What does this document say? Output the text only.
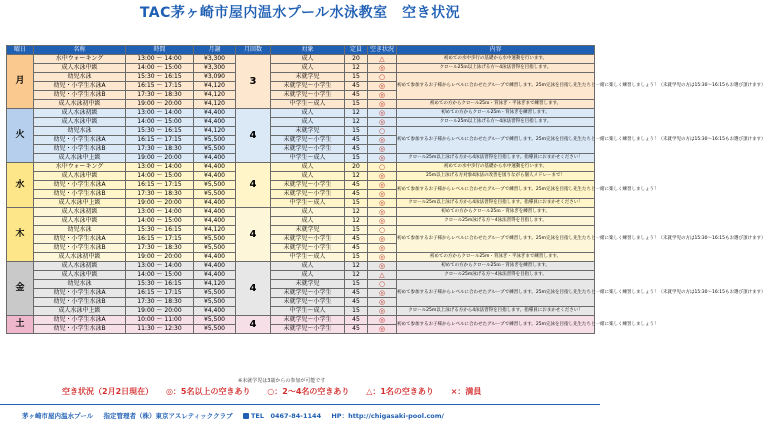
TAC茅ヶ崎市屋内温水プール水泳教室　空き状況
曜日	名称	時間	月謝	月回数	対象	定員	空き状況	内容
月	水中ウォーキング	13:00 ～ 14:00	¥3,300	3	成人	20	△	初めての水中歩行の基礎から水中運動を行います。
	成人水泳中級	14:00 ～ 15:00	¥3,300		成人	12	◎	クロール25ｍ以上泳げる方～4泳法習得を目指します。
	幼児水泳	15:30 ～ 16:15	¥3,090		未就学児	15	○	初めて参加するお子様からレベルに合わせたグループで練習します。25m完泳を目指し先生たちと一緒に楽しく練習しましょう！（未就学児の方は15:30～16:15もお選び頂けます）
	幼児・小学生水泳A	16:15 ～ 17:15	¥4,120		未就学児～小学生	45	◎	
	幼児・小学生水泳B	17:30 ～ 18:30	¥4,120		未就学児～小学生	45	◎	
	成人水泳初中級	19:00 ～ 20:00	¥4,120		中学生～成人	15	◎	初めての方からクロール25ｍ・背泳ぎ・平泳ぎまで練習します。
火	成人水泳初級	13:00 ～ 14:00	¥4,400	4	成人	12	◎	初めての方からクロール25m・背泳ぎを練習します。
	成人水泳中級	14:00 ～ 15:00	¥4,400		成人	12	◎	クロール25m以上泳げる方～4泳法習得を目指します。
	幼児水泳	15:30 ～ 16:15	¥4,120		未就学児	15	○	初めて参加するお子様からレベルに合わせたグループで練習します。25m完泳を目指し先生たちと一緒に楽しく練習しましょう！（未就学児の方は15:30～16:15もお選び頂けます）
	幼児・小学生水泳A	16:15 ～ 17:15	¥5,500		未就学児～小学生	45	◎	
	幼児・小学生水泳B	17:30 ～ 18:30	¥5,500		未就学児～小学生	45	◎	
	成人水泳中上級	19:00 ～ 20:00	¥4,400		中学生～成人	15	◎	クロール25m以上泳げる方から4泳法習得を目指します。指導員におまかせください！
水	水中ウォーキング	13:00 ～ 14:00	¥4,400	4	成人	20	○	初めての水中歩行の基礎から水中運動を行います。
	成人水泳中級	14:00 ～ 15:00	¥4,400		成人	12	◎	25m以上泳げる方対象4泳法の改善を図りながら個人メドレーまで！
	幼児・小学生水泳A	16:15 ～ 17:15	¥5,500		未就学児～小学生	45	◎	初めて参加するお子様からレベルに合わせたグループで練習します。25m完泳を目指し先生たちと一緒に楽しく練習しましょう！
	幼児・小学生水泳B	17:30 ～ 18:30	¥5,500		未就学児～小学生	45	◎	
	成人水泳中上級	19:00 ～ 20:00	¥4,400		中学生～成人	15	◎	クロール25m以上泳げる方から4泳法習得を目指します。指導員におまかせください！
木	成人水泳初級	13:00 ～ 14:00	¥4,400	4	成人	12	◎	初めての方からクロール25ｍ・背泳ぎを練習します。
	成人水泳中級	14:00 ～ 15:00	¥4,400		成人	12	◎	クロール25m泳げる方～4泳法習得を目指します。
	幼児水泳	15:30 ～ 16:15	¥4,120		未就学児	15	○	初めて参加するお子様からレベルに合わせたグループで練習します。25m完泳を目指し先生たちと一緒に楽しく練習しましょう！（未就学児の方は15:30～16:15もお選び頂けます）
	幼児・小学生水泳A	16:15 ～ 17:15	¥5,500		未就学児～小学生	45	◎	
	幼児・小学生水泳B	17:30 ～ 18:30	¥5,500		未就学児～小学生	45	◎	
	成人水泳初中級	19:00 ～ 20:00	¥4,400		中学生～成人	15	◎	初めての方からクロール25m・背泳ぎ・平泳ぎまで練習します。
金	成人水泳初級	13:00 ～ 14:00	¥4,400	4	成人	12	◎	初めての方からクロール25ｍ・背泳ぎを練習します。
	成人水泳中級	14:00 ～ 15:00	¥4,400		成人	12	△	クロール25m泳げる方～4泳法習得を目指します。
	幼児水泳	15:30 ～ 16:15	¥4,120		未就学児	15	○	初めて参加するお子様からレベルに合わせたグループで練習します。25m完泳を目指し先生たちと一緒に楽しく練習しましょう！（未就学児の方は15:30～16:15もお選び頂けます）
	幼児・小学生水泳A	16:15 ～ 17:15	¥5,500		未就学児～小学生	45	◎	
	幼児・小学生水泳B	17:30 ～ 18:30	¥5,500		未就学児～小学生	45	◎	
	成人水泳中上級	19:00 ～ 20:00	¥4,400		中学生～成人	15	◎	クロール25m以上泳げる方から4泳法習得を目指します。指導員におまかせください！
土	幼児・小学生水泳A	10:00 ～ 11:00	¥5,500	4	未就学児～小学生	45	◎	初めて参加するお子様からレベルに合わせたグループで練習します。25m完泳を目指し先生たちと一緒に楽しく練習しましょう！
	幼児・小学生水泳B	11:30 ～ 12:30	¥5,500		未就学児～小学生	45	◎	
※未就学児は3歳からの参加が可能です
空き状況（2月2日現在） ◎：5名以上の空きあり ○：2～4名の空きあり △：1名の空きあり ×：満員
茅ヶ崎市屋内温水プール 指定管理者（株）東京アスレティッククラブ	TEL　0467-84-1144 HP：http://chigasaki-pool.com/
